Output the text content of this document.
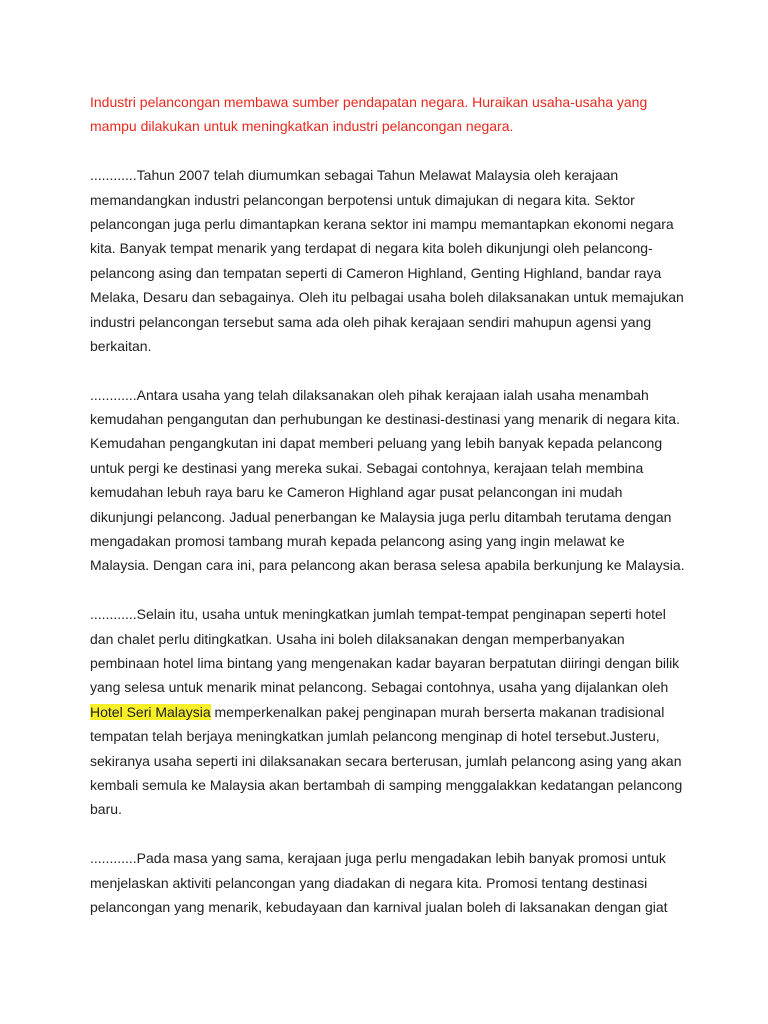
Industri pelancongan membawa sumber pendapatan negara. Huraikan usaha-usaha yang
mampu dilakukan untuk meningkatkan industri pelancongan negara.
............Tahun 2007 telah diumumkan sebagai Tahun Melawat Malaysia oleh kerajaan
memandangkan industri pelancongan berpotensi untuk dimajukan di negara kita. Sektor
pelancongan juga perlu dimantapkan kerana sektor ini mampu memantapkan ekonomi negara
kita. Banyak tempat menarik yang terdapat di negara kita boleh dikunjungi oleh pelancong-
pelancong asing dan tempatan seperti di Cameron Highland, Genting Highland, bandar raya
Melaka, Desaru dan sebagainya. Oleh itu pelbagai usaha boleh dilaksanakan untuk memajukan
industri pelancongan tersebut sama ada oleh pihak kerajaan sendiri mahupun agensi yang
berkaitan.
............Antara usaha yang telah dilaksanakan oleh pihak kerajaan ialah usaha menambah
kemudahan pengangutan dan perhubungan ke destinasi-destinasi yang menarik di negara kita.
Kemudahan pengangkutan ini dapat memberi peluang yang lebih banyak kepada pelancong
untuk pergi ke destinasi yang mereka sukai. Sebagai contohnya, kerajaan telah membina
kemudahan lebuh raya baru ke Cameron Highland agar pusat pelancongan ini mudah
dikunjungi pelancong. Jadual penerbangan ke Malaysia juga perlu ditambah terutama dengan
mengadakan promosi tambang murah kepada pelancong asing yang ingin melawat ke
Malaysia. Dengan cara ini, para pelancong akan berasa selesa apabila berkunjung ke Malaysia.
............Selain itu, usaha untuk meningkatkan jumlah tempat-tempat penginapan seperti hotel
dan chalet perlu ditingkatkan. Usaha ini boleh dilaksanakan dengan memperbanyakan
pembinaan hotel lima bintang yang mengenakan kadar bayaran berpatutan diiringi dengan bilik
yang selesa untuk menarik minat pelancong. Sebagai contohnya, usaha yang dijalankan oleh
Hotel Seri Malaysia memperkenalkan pakej penginapan murah berserta makanan tradisional
tempatan telah berjaya meningkatkan jumlah pelancong menginap di hotel tersebut.Justeru,
sekiranya usaha seperti ini dilaksanakan secara berterusan, jumlah pelancong asing yang akan
kembali semula ke Malaysia akan bertambah di samping menggalakkan kedatangan pelancong
baru.
............Pada masa yang sama, kerajaan juga perlu mengadakan lebih banyak promosi untuk
menjelaskan aktiviti pelancongan yang diadakan di negara kita. Promosi tentang destinasi
pelancongan yang menarik, kebudayaan dan karnival jualan boleh di laksanakan dengan giat
